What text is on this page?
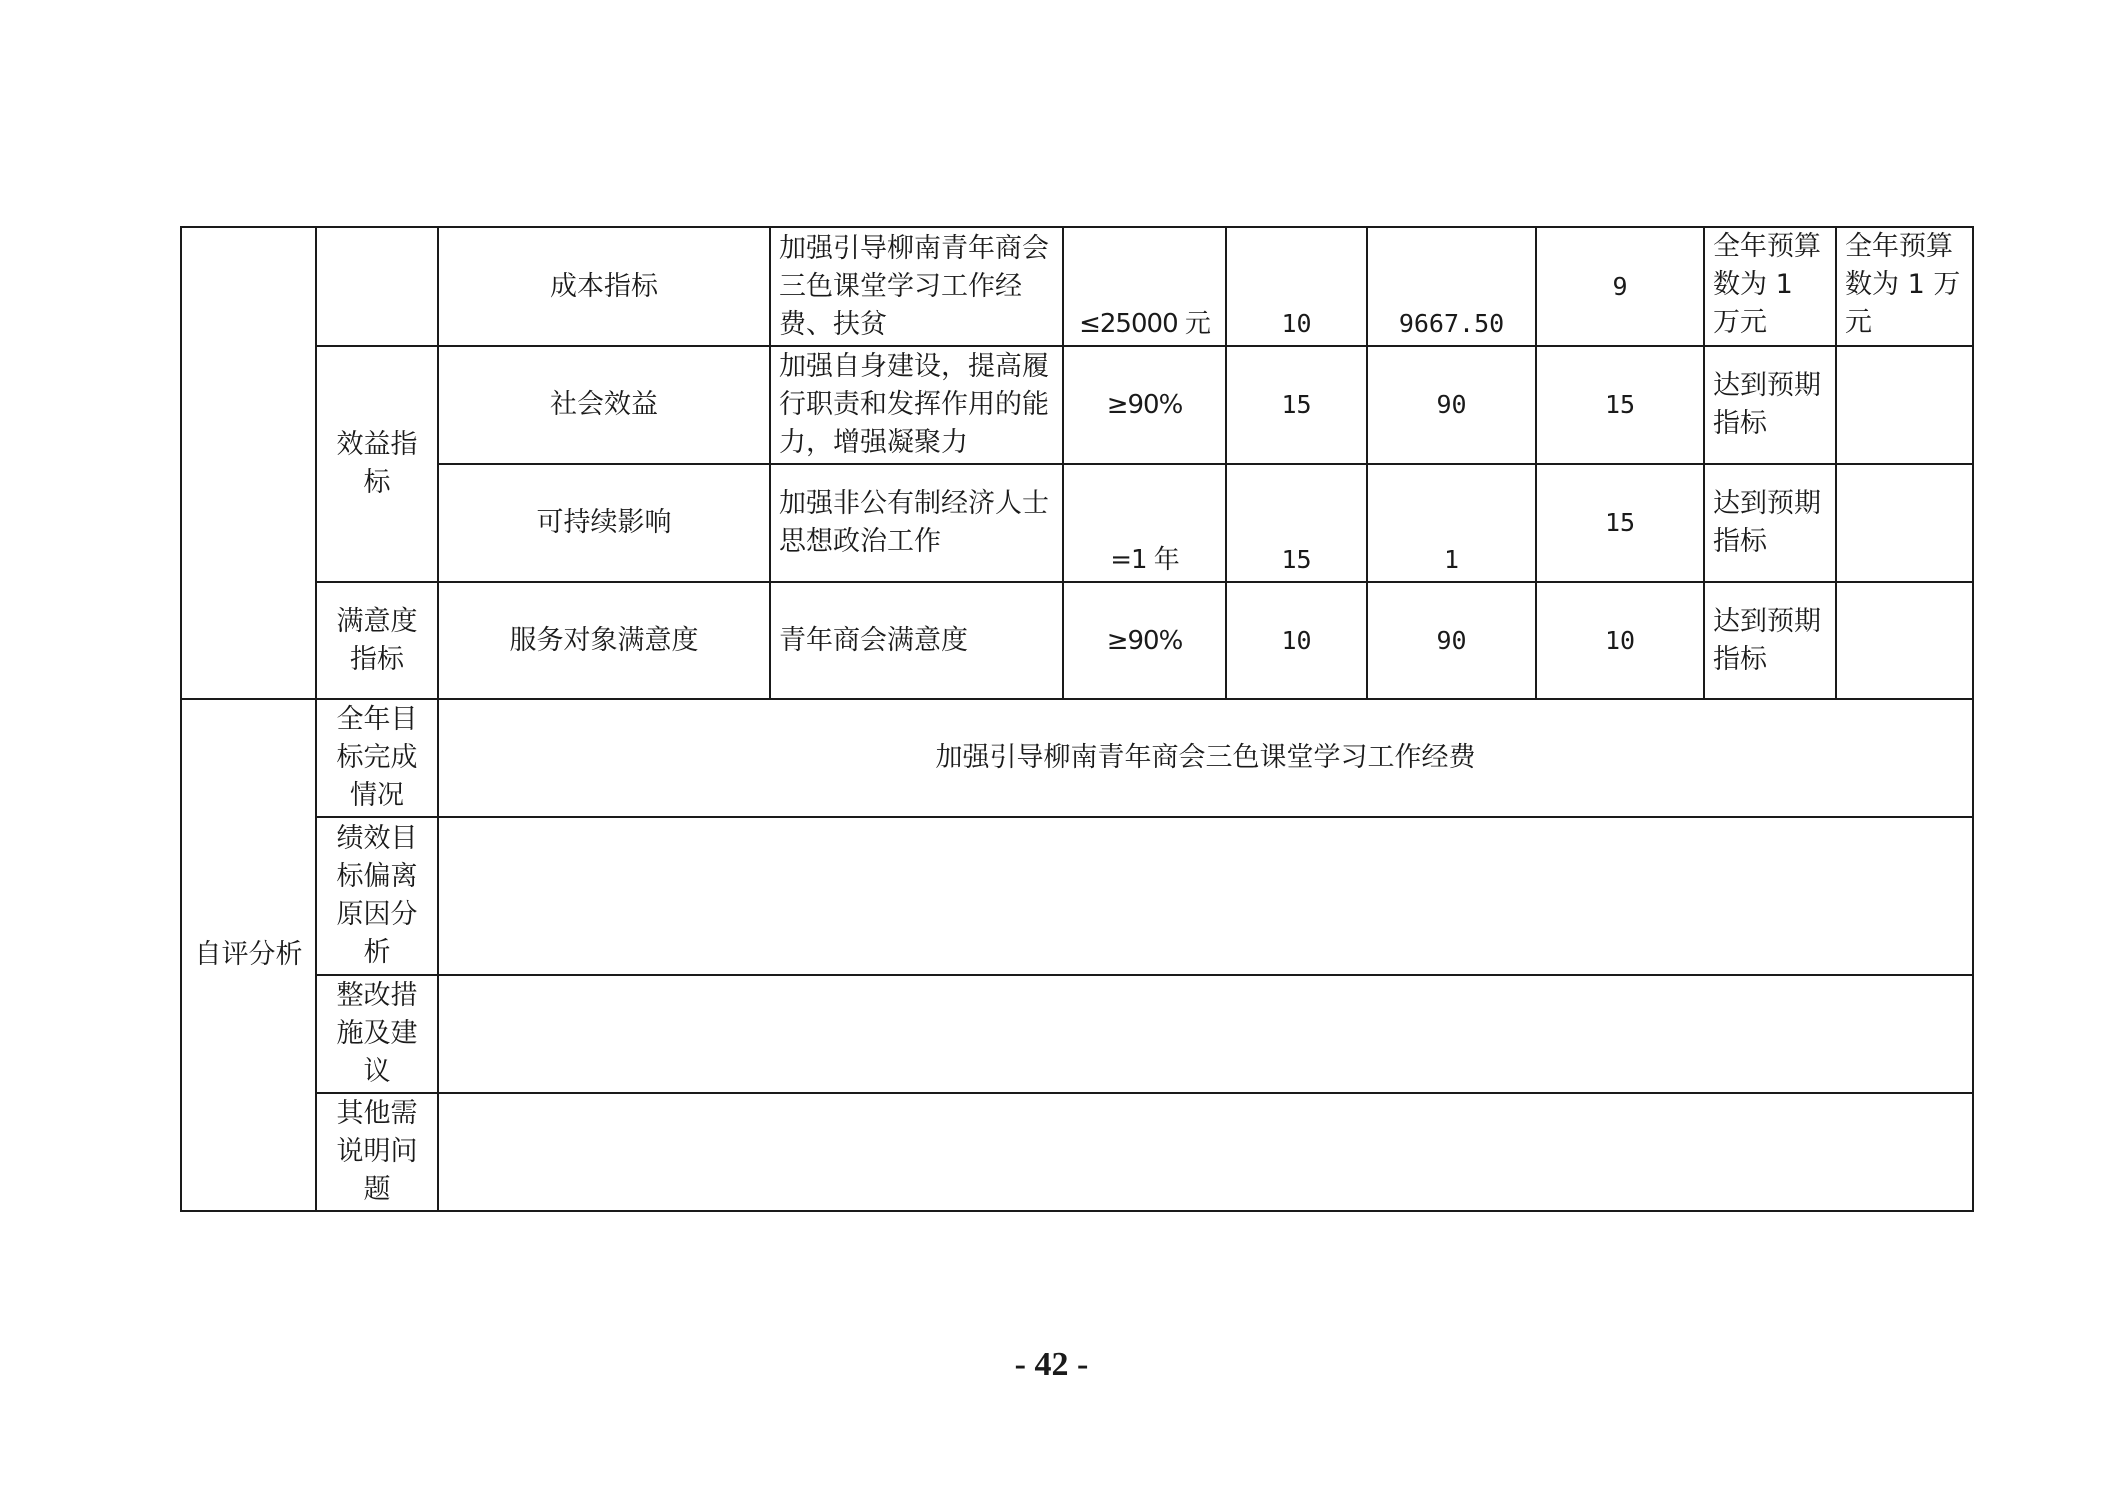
		成本指标	加强引导柳南青年商会三色课堂学习工作经费、扶贫	≤25000 元	10	9667.50	9	全年预算数为 1 万元	全年预算数为 1 万元
	效益指标	社会效益	加强自身建设，提高履行职责和发挥作用的能力，增强凝聚力	≥90%	15	90	15	达到预期指标	
		可持续影响	加强非公有制经济人士思想政治工作	=1 年	15	1	15	达到预期指标	
	满意度指标	服务对象满意度	青年商会满意度	≥90%	10	90	10	达到预期指标	
自评分析	全年目标完成情况	加强引导柳南青年商会三色课堂学习工作经费							
	绩效目标偏离原因分析								
	整改措施及建议								
	其他需说明问题								
- 42 -
